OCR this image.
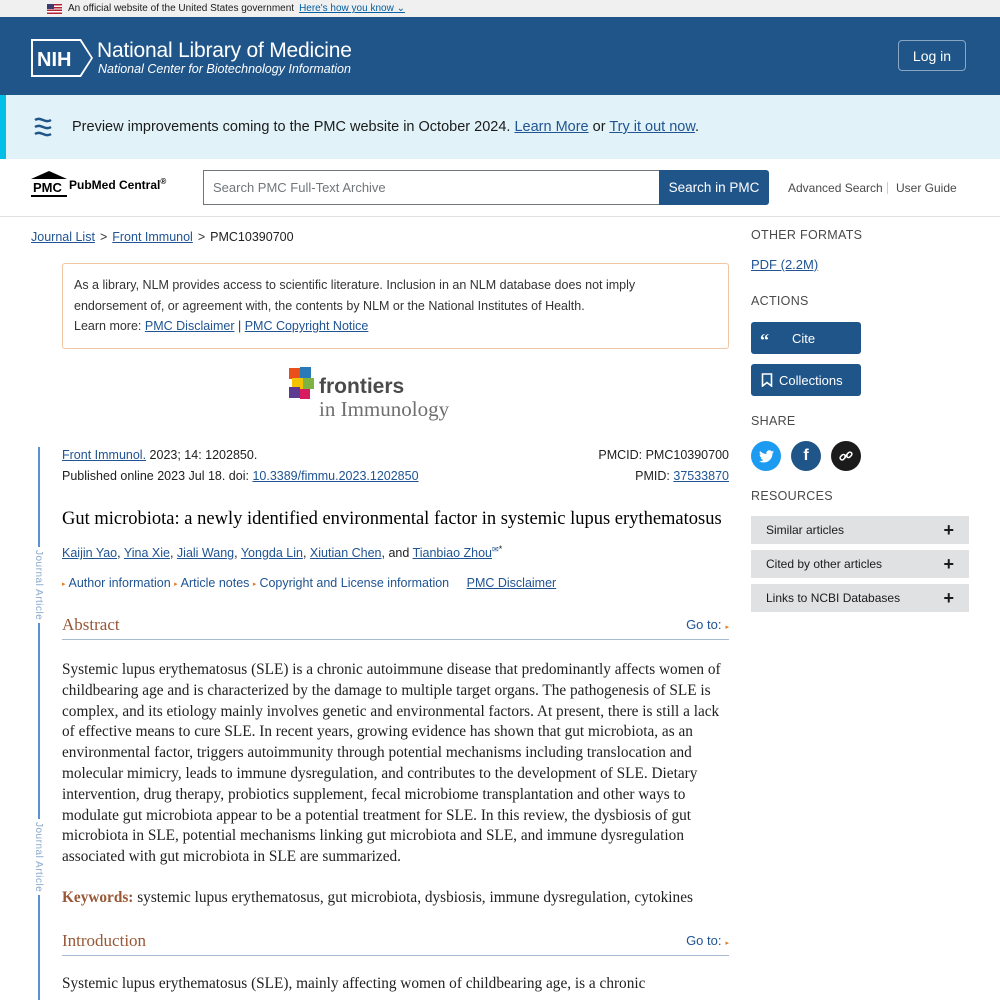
An official website of the United States government Here's how you know ⌄
NIH National Library of Medicine
National Center for Biotechnology Information
Log in
Preview improvements coming to the PMC website in October 2024. Learn More or Try it out now.
PMC PubMed Central®	Search PMC Full-Text Archive	Search in PMC	Advanced Search User Guide
Journal List > Front Immunol > PMC10390700
As a library, NLM provides access to scientific literature. Inclusion in an NLM database does not imply
endorsement of, or agreement with, the contents by NLM or the National Institutes of Health.
Learn more: PMC Disclaimer | PMC Copyright Notice
frontiers
in Immunology
Journal Article
Journal Article
Front Immunol. 2023; 14: 1202850.
Published online 2023 Jul 18. doi: 10.3389/fimmu.2023.1202850
PMCID: PMC10390700
PMID: 37533870
Gut microbiota: a newly identified environmental factor in systemic lupus erythematosus
Kaijin Yao, Yina Xie, Jiali Wang, Yongda Lin, Xiutian Chen, and Tianbiao Zhou✉*
▸ Author information ▸ Article notes ▸ Copyright and License information PMC Disclaimer
Abstract	Go to: ▸
Systemic lupus erythematosus (SLE) is a chronic autoimmune disease that predominantly affects women of childbearing age and is characterized by the damage to multiple target organs. The pathogenesis of SLE is complex, and its etiology mainly involves genetic and environmental factors. At present, there is still a lack of effective means to cure SLE. In recent years, growing evidence has shown that gut microbiota, as an environmental factor, triggers autoimmunity through potential mechanisms including translocation and molecular mimicry, leads to immune dysregulation, and contributes to the development of SLE. Dietary intervention, drug therapy, probiotics supplement, fecal microbiome transplantation and other ways to modulate gut microbiota appear to be a potential treatment for SLE. In this review, the dysbiosis of gut microbiota in SLE, potential mechanisms linking gut microbiota and SLE, and immune dysregulation associated with gut microbiota in SLE are summarized.
Keywords: systemic lupus erythematosus, gut microbiota, dysbiosis, immune dysregulation, cytokines
Introduction	Go to: ▸
Systemic lupus erythematosus (SLE), mainly affecting women of childbearing age, is a chronic
OTHER FORMATS
PDF (2.2M)
ACTIONS
“ Cite
Collections
SHARE
f
RESOURCES
Similar articles	+
Cited by other articles	+
Links to NCBI Databases +
